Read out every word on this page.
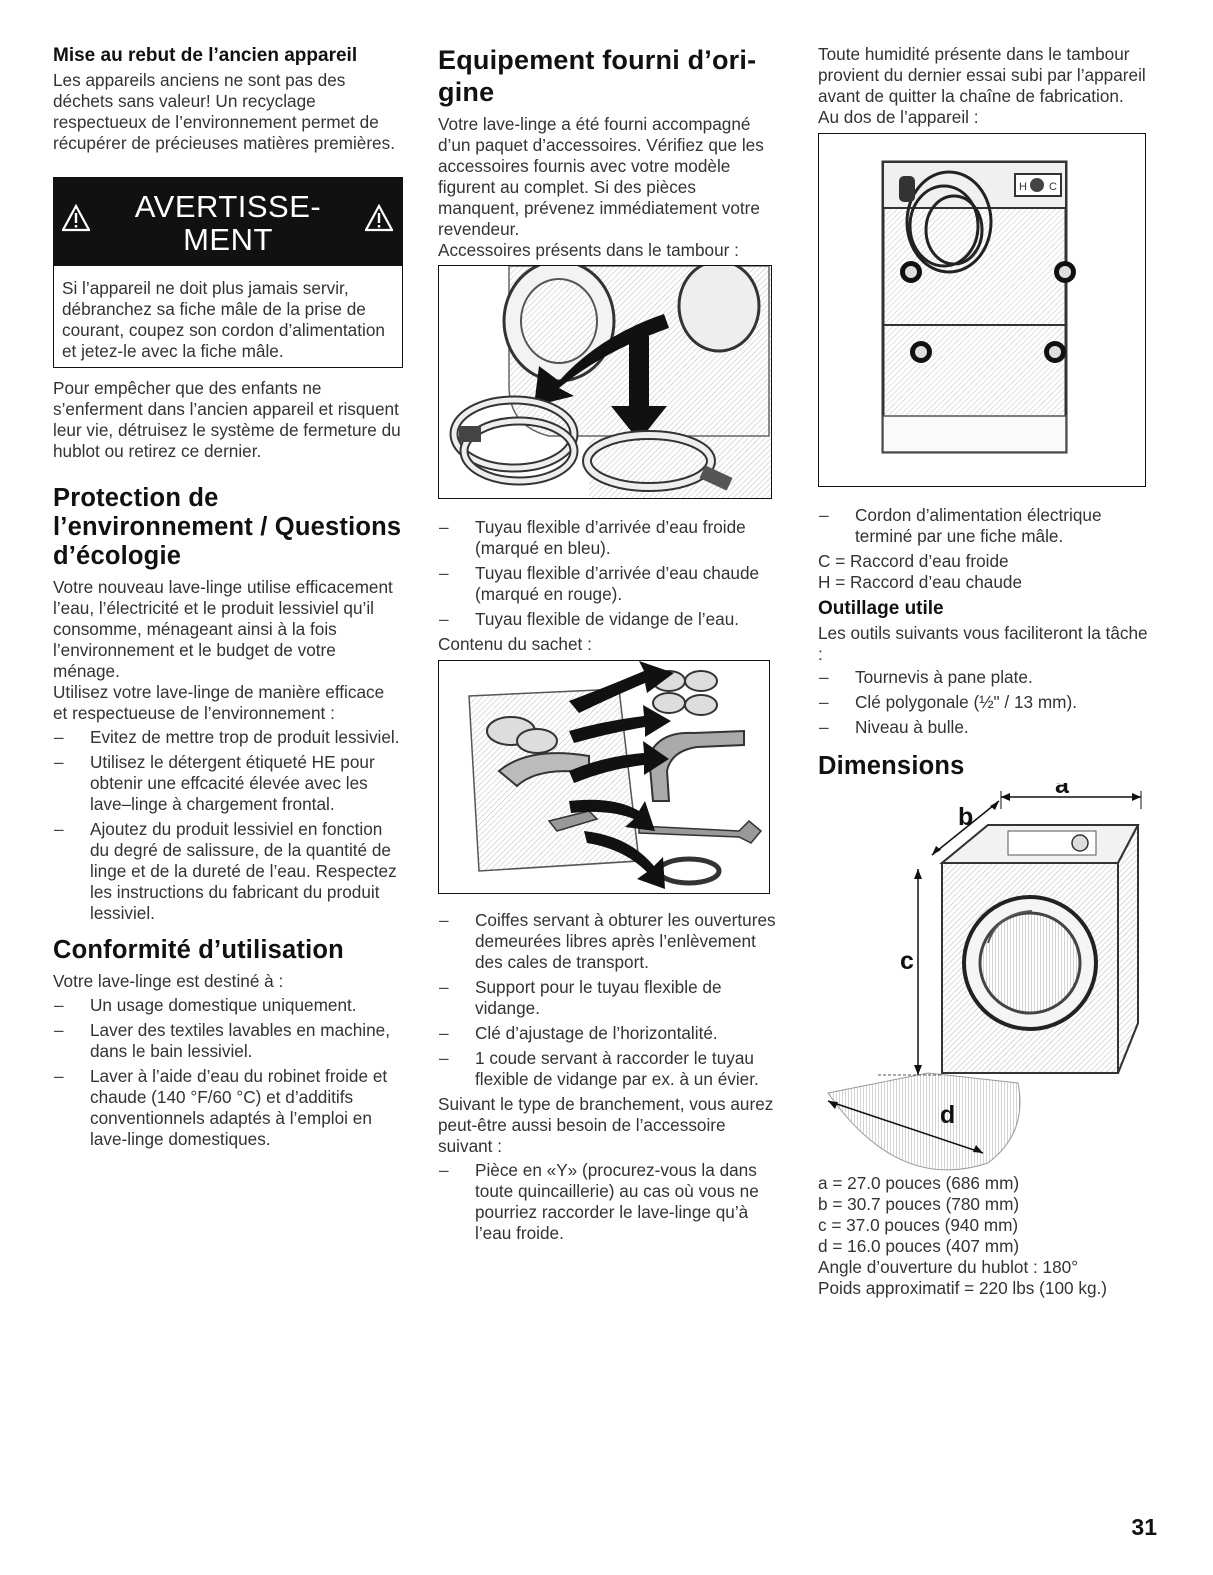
Mise au rebut de l’ancien appareil

Les appareils anciens ne sont pas des déchets sans valeur! Un recyclage respectueux de l’environnement permet de récupérer de précieuses matières premières.

AVERTISSE-
MENT
Si l’appareil ne doit plus jamais servir, débranchez sa fiche mâle de la prise de courant, coupez son cordon d’alimentation et jetez-le avec la fiche mâle.

Pour empêcher que des enfants ne s’enferment dans l’ancien appareil et risquent leur vie, détruisez le système de fermeture du hublot ou retirez ce dernier.

Protection de l’environnement / Questions d’écologie

Votre nouveau lave-linge utilise efficacement l’eau, l’électricité et le produit lessiviel qu’il consomme, ménageant ainsi à la fois l’environnement et le budget de votre ménage.

Utilisez votre lave-linge de manière efficace et respectueuse de l’environnement :

– Evitez de mettre trop de produit lessiviel.
– Utilisez le détergent étiqueté HE pour obtenir une effcacité élevée avec les lave–linge à chargement frontal.
– Ajoutez du produit lessiviel en fonction du degré de salissure, de la quantité de linge et de la dureté de l’eau. Respectez les instructions du fabricant du produit lessiviel.
Conformité d’utilisation

Votre lave-linge est destiné à :

– Un usage domestique uniquement.
– Laver des textiles lavables en machine, dans le bain lessiviel.
– Laver à l’aide d’eau du robinet froide et chaude (140 °F/60 °C) et d’additifs conventionnels adaptés à l’emploi en lave-linge domestiques.
Equipement fourni d’ori-gine

Votre lave-linge a été fourni accompagné d’un paquet d’accessoires. Vérifiez que les accessoires fournis avec votre modèle figurent au complet. Si des pièces manquent, prévenez immédiatement votre revendeur.

Accessoires présents dans le tambour :

– Tuyau flexible d’arrivée d’eau froide (marqué en bleu).
– Tuyau flexible d’arrivée d’eau chaude (marqué en rouge).
– Tuyau flexible de vidange de l’eau.

Contenu du sachet :

– Coiffes servant à obturer les ouvertures demeurées libres après l’enlèvement des cales de transport.
– Support pour le tuyau flexible de vidange.
– Clé d’ajustage de l’horizontalité.
– 1 coude servant à raccorder le tuyau flexible de vidange par ex. à un évier.

Suivant le type de branchement, vous aurez peut-être aussi besoin de l’accessoire suivant :

– Pièce en «Y» (procurez-vous la dans toute quincaillerie) au cas où vous ne pourriez raccorder le lave-linge qu’à l’eau froide.

Toute humidité présente dans le tambour provient du dernier essai subi par l’appareil avant de quitter la chaîne de fabrication.

Au dos de l’appareil :

H C
– Cordon d’alimentation électrique terminé par une fiche mâle.

C = Raccord d’eau froide

H = Raccord d’eau chaude

Outillage utile

Les outils suivants vous faciliteront la tâche :

– Tournevis à pane plate.
– Clé polygonale (½" / 13 mm).
– Niveau à bulle.
Dimensions
a
b
c
d

a = 27.0 pouces (686 mm)

b = 30.7 pouces (780 mm)

c = 37.0 pouces (940 mm)

d = 16.0 pouces (407 mm)

Angle d’ouverture du hublot : 180°

Poids approximatif = 220 lbs (100 kg.)

31
